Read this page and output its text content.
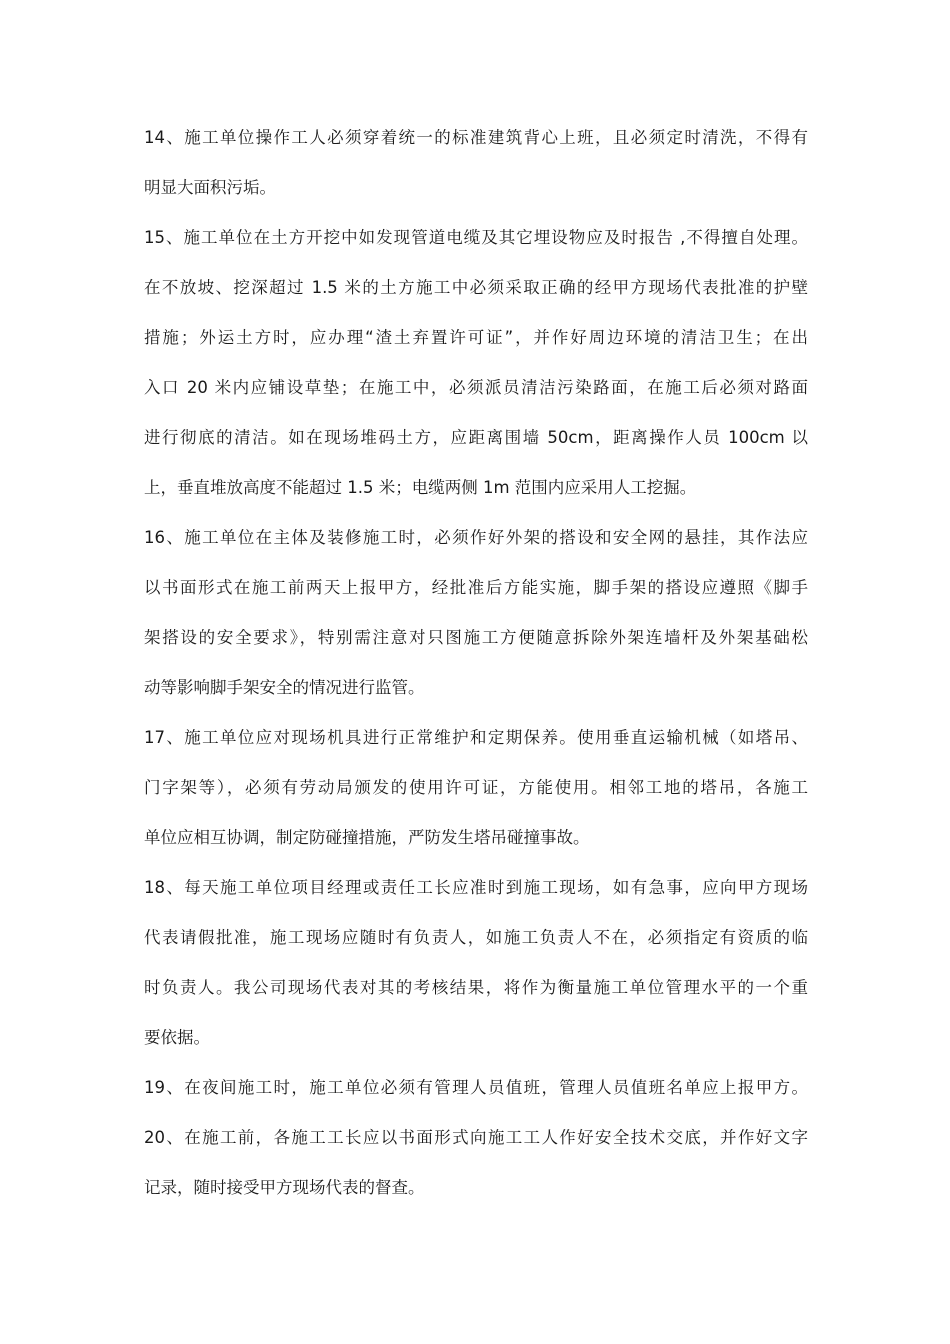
14、施工单位操作工人必须穿着统一的标准建筑背心上班，且必须定时清洗，不得有
明显大面积污垢。
15、施工单位在土方开挖中如发现管道电缆及其它埋设物应及时报告 ,不得擅自处理。
在不放坡、挖深超过 1.5 米的土方施工中必须采取正确的经甲方现场代表批准的护壁
措施；外运土方时，应办理“渣土弃置许可证”，并作好周边环境的清洁卫生；在出
入口 20 米内应铺设草垫；在施工中，必须派员清洁污染路面，在施工后必须对路面
进行彻底的清洁。如在现场堆码土方，应距离围墙 50cm，距离操作人员 100cm 以
上，垂直堆放高度不能超过 1.5 米；电缆两侧 1m 范围内应采用人工挖掘。
16、施工单位在主体及装修施工时，必须作好外架的搭设和安全网的悬挂，其作法应
以书面形式在施工前两天上报甲方，经批准后方能实施，脚手架的搭设应遵照《脚手
架搭设的安全要求》，特别需注意对只图施工方便随意拆除外架连墙杆及外架基础松
动等影响脚手架安全的情况进行监管。
17、施工单位应对现场机具进行正常维护和定期保养。使用垂直运输机械（如塔吊、
门字架等），必须有劳动局颁发的使用许可证，方能使用。相邻工地的塔吊，各施工
单位应相互协调，制定防碰撞措施，严防发生塔吊碰撞事故。
18、每天施工单位项目经理或责任工长应准时到施工现场，如有急事，应向甲方现场
代表请假批准，施工现场应随时有负责人，如施工负责人不在，必须指定有资质的临
时负责人。我公司现场代表对其的考核结果，将作为衡量施工单位管理水平的一个重
要依据。
19、在夜间施工时，施工单位必须有管理人员值班，管理人员值班名单应上报甲方。
20、在施工前，各施工工长应以书面形式向施工工人作好安全技术交底，并作好文字
记录，随时接受甲方现场代表的督查。
